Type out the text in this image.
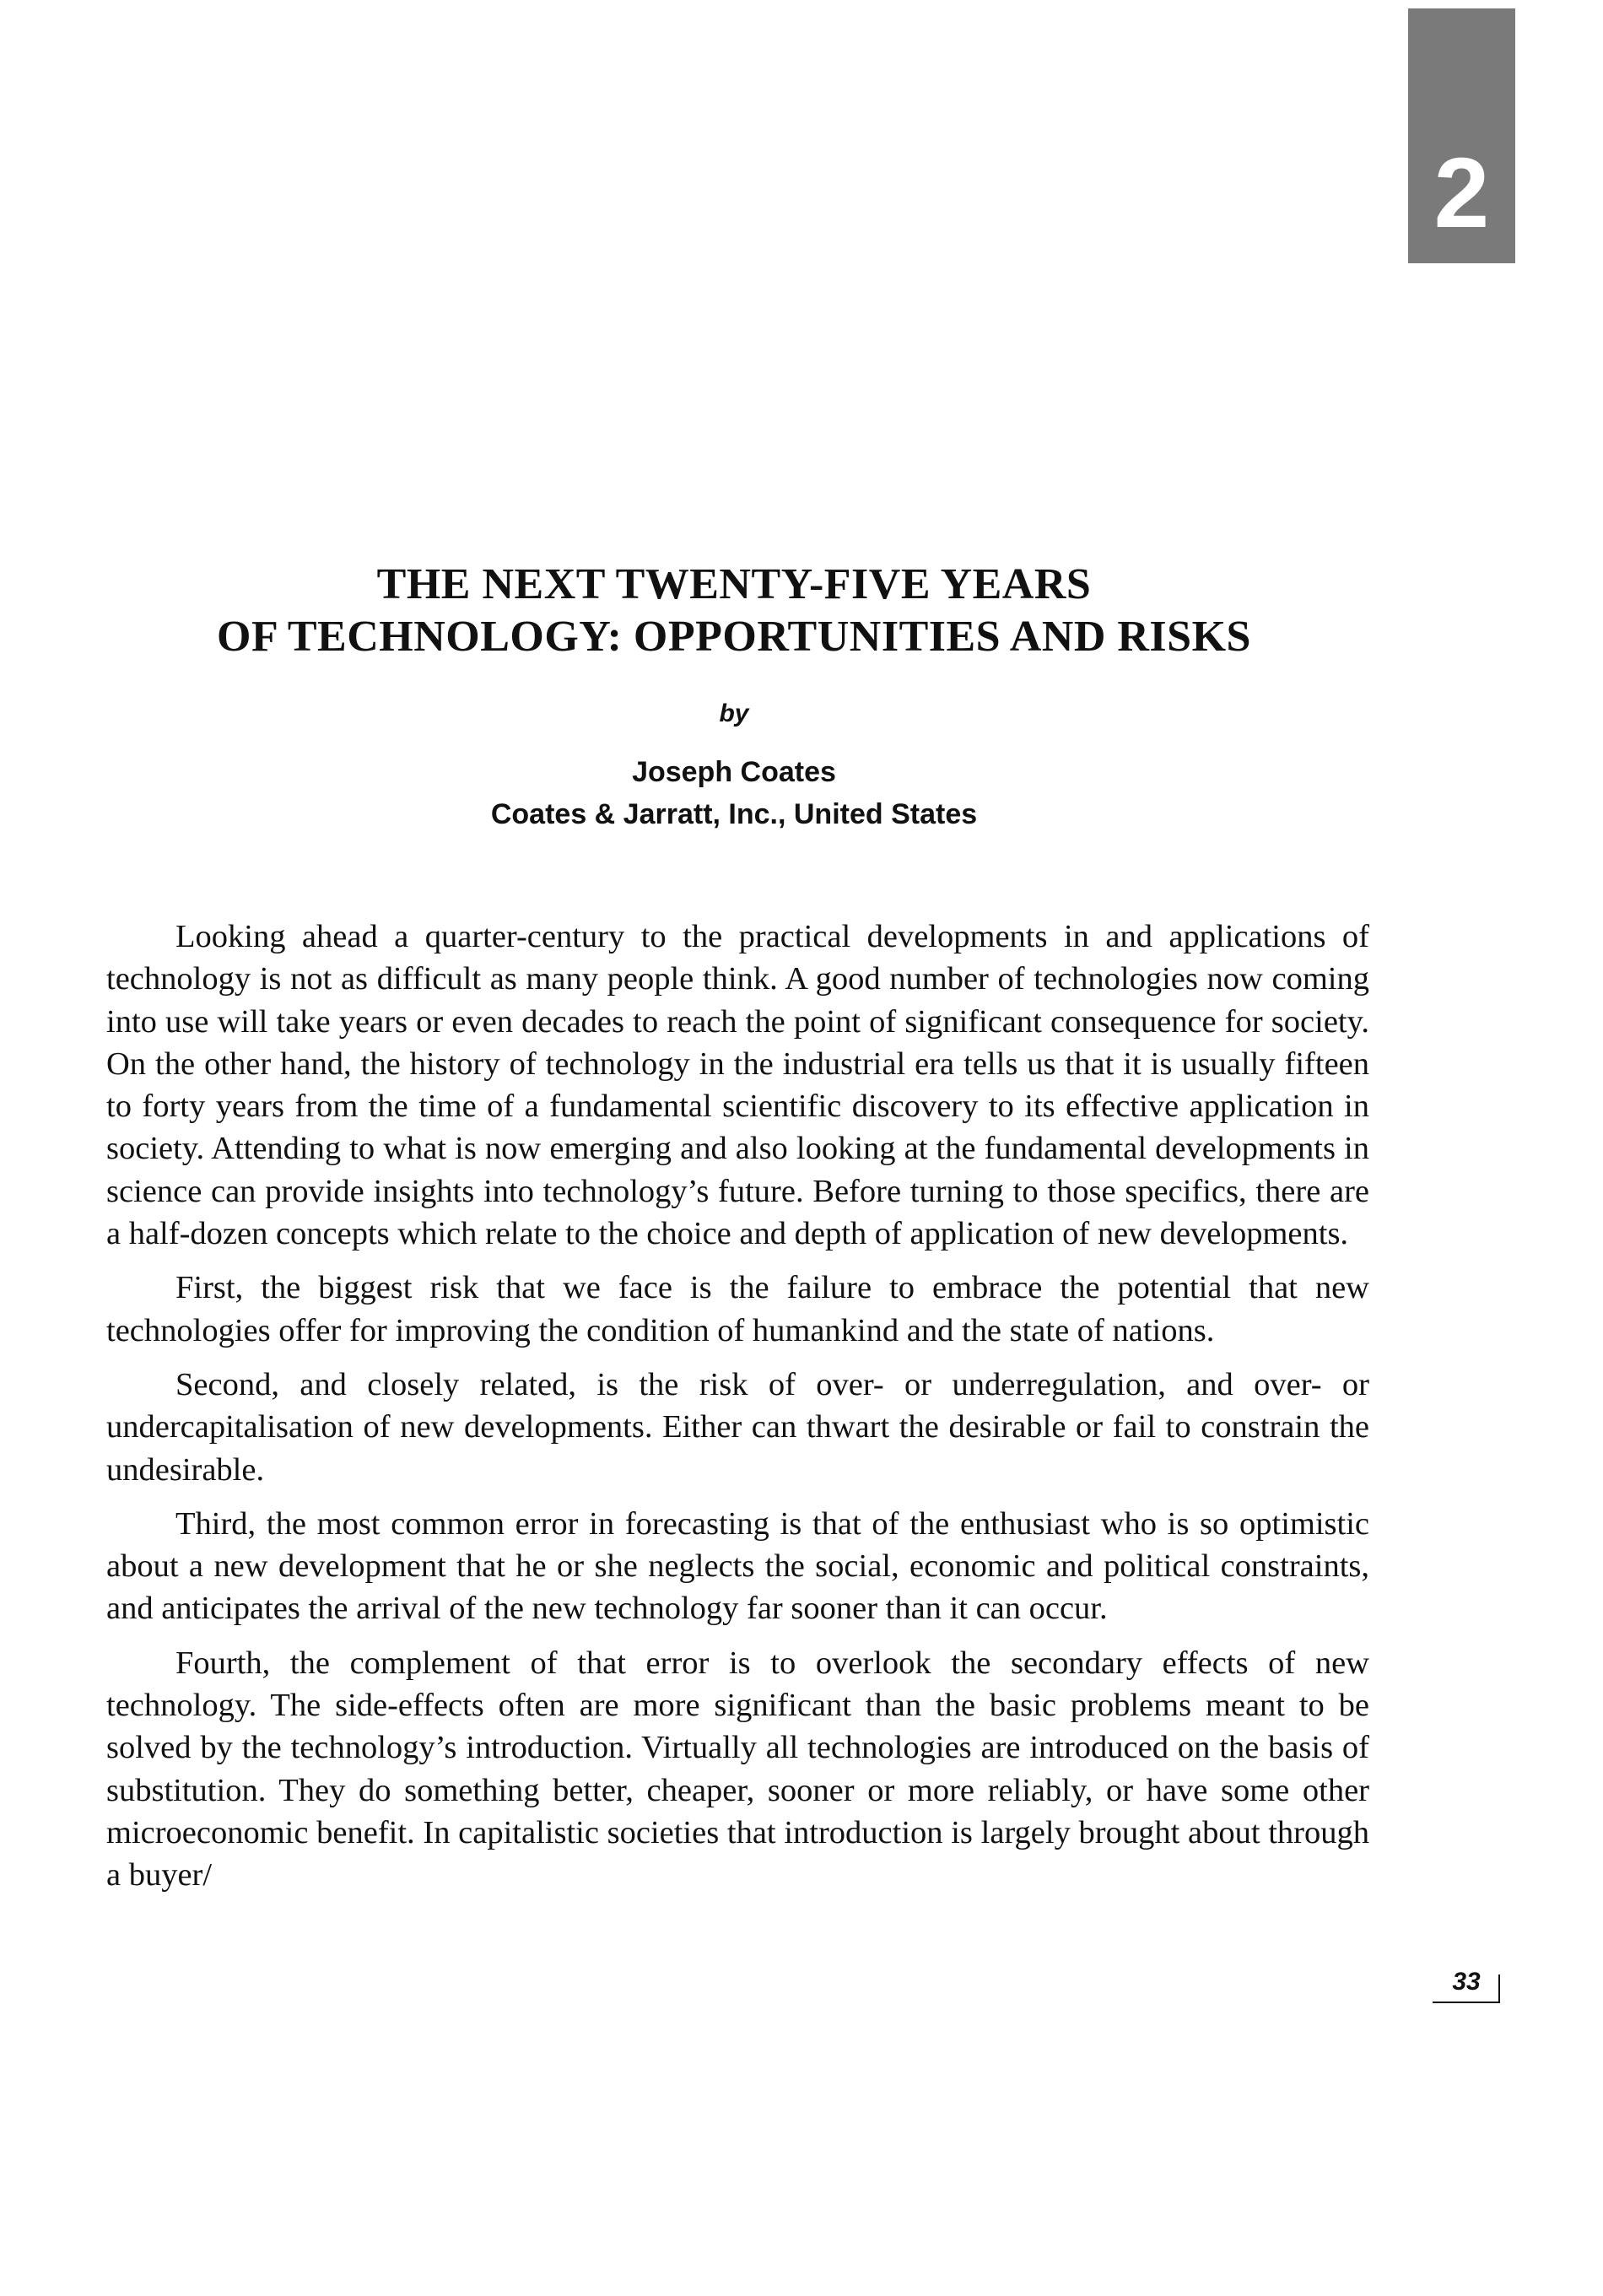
2
THE NEXT TWENTY-FIVE YEARS
OF TECHNOLOGY: OPPORTUNITIES AND RISKS
by
Joseph Coates
Coates & Jarratt, Inc., United States

Looking ahead a quarter-century to the practical developments in and applications of technology is not as difficult as many people think. A good number of technologies now coming into use will take years or even decades to reach the point of significant consequence for society. On the other hand, the history of technology in the industrial era tells us that it is usually fifteen to forty years from the time of a fundamental scientific discovery to its effective application in society. Attending to what is now emerging and also looking at the fundamental developments in science can provide insights into technology’s future. Before turning to those specifics, there are a half-dozen concepts which relate to the choice and depth of application of new developments.

First, the biggest risk that we face is the failure to embrace the potential that new technologies offer for improving the condition of humankind and the state of nations.

Second, and closely related, is the risk of over- or underregulation, and over- or undercapitalisation of new developments. Either can thwart the desirable or fail to constrain the undesirable.

Third, the most common error in forecasting is that of the enthusiast who is so optimistic about a new development that he or she neglects the social, economic and political constraints, and anticipates the arrival of the new technology far sooner than it can occur.

Fourth, the complement of that error is to overlook the secondary effects of new technology. The side-effects often are more significant than the basic problems meant to be solved by the technology’s introduction. Virtually all technologies are introduced on the basis of substitution. They do something better, cheaper, sooner or more reliably, or have some other microeconomic benefit. In capitalistic societies that introduction is largely brought about through a buyer/

33
